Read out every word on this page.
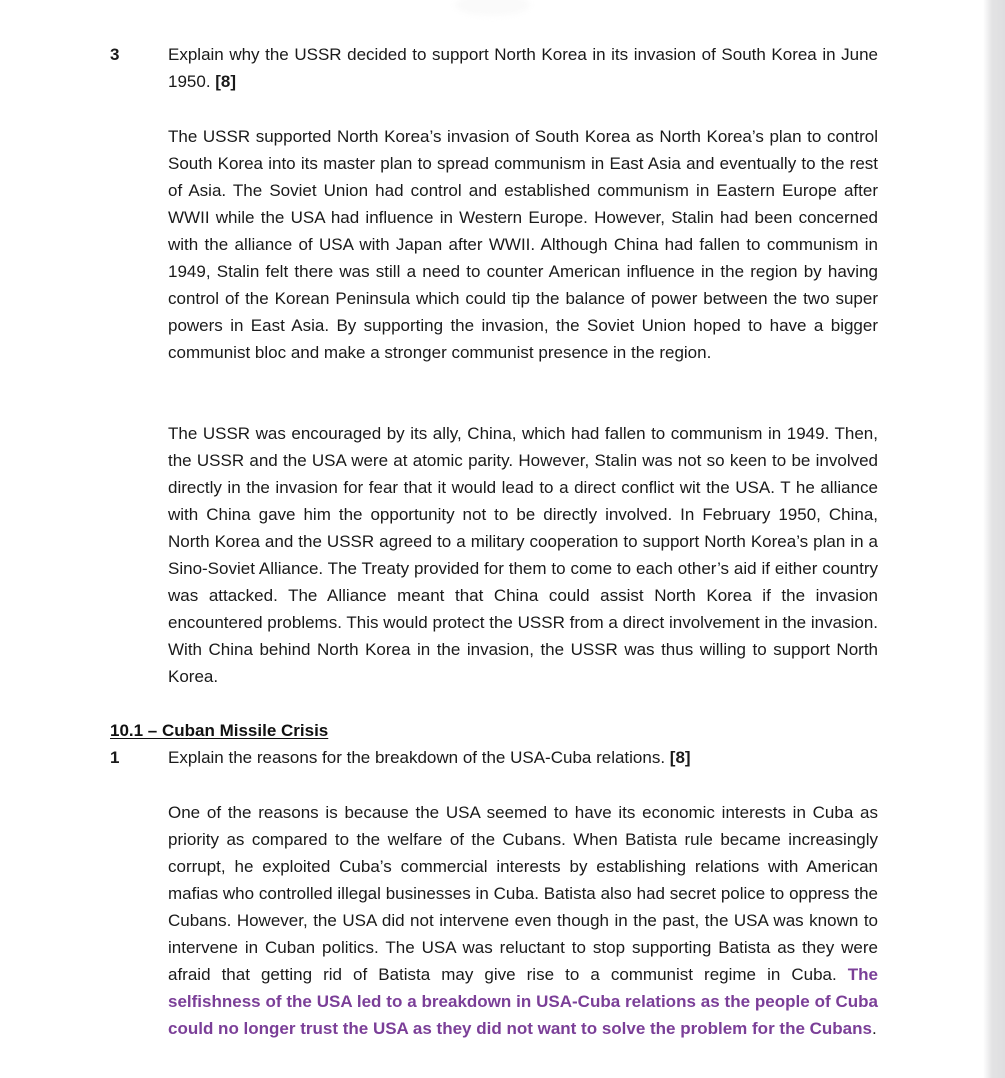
3	Explain why the USSR decided to support North Korea in its invasion of South Korea in June 1950. [8]
The USSR supported North Korea’s invasion of South Korea as North Korea’s plan to control South Korea into its master plan to spread communism in East Asia and eventually to the rest of Asia. The Soviet Union had control and established communism in Eastern Europe after WWII while the USA had influence in Western Europe. However, Stalin had been concerned with the alliance of USA with Japan after WWII. Although China had fallen to communism in 1949, Stalin felt there was still a need to counter American influence in the region by having control of the Korean Peninsula which could tip the balance of power between the two super powers in East Asia. By supporting the invasion, the Soviet Union hoped to have a bigger communist bloc and make a stronger communist presence in the region.
The USSR was encouraged by its ally, China, which had fallen to communism in 1949. Then, the USSR and the USA were at atomic parity. However, Stalin was not so keen to be involved directly in the invasion for fear that it would lead to a direct conflict wit the USA. T he alliance with China gave him the opportunity not to be directly involved. In February 1950, China, North Korea and the USSR agreed to a military cooperation to support North Korea’s plan in a Sino-Soviet Alliance. The Treaty provided for them to come to each other’s aid if either country was attacked. The Alliance meant that China could assist North Korea if the invasion encountered problems. This would protect the USSR from a direct involvement in the invasion. With China behind North Korea in the invasion, the USSR was thus willing to support North Korea.
10.1 – Cuban Missile Crisis
1	Explain the reasons for the breakdown of the USA-Cuba relations. [8]
One of the reasons is because the USA seemed to have its economic interests in Cuba as priority as compared to the welfare of the Cubans. When Batista rule became increasingly corrupt, he exploited Cuba’s commercial interests by establishing relations with American mafias who controlled illegal businesses in Cuba. Batista also had secret police to oppress the Cubans. However, the USA did not intervene even though in the past, the USA was known to intervene in Cuban politics. The USA was reluctant to stop supporting Batista as they were afraid that getting rid of Batista may give rise to a communist regime in Cuba. The selfishness of the USA led to a breakdown in USA-Cuba relations as the people of Cuba could no longer trust the USA as they did not want to solve the problem for the Cubans.
